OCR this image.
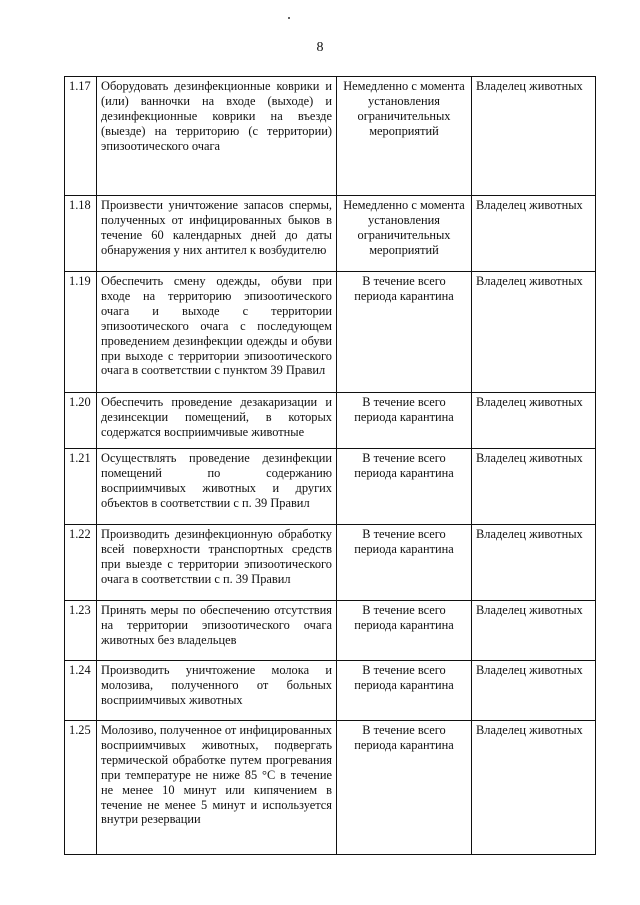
8
1.17	Оборудовать дезинфекционные коврики и (или) ванночки на входе (выходе) и дезинфекционные коврики на въезде (выезде) на территорию (с территории) эпизоотического очага	Немедленно с момента установления ограничительных мероприятий	Владелец животных
1.18	Произвести уничтожение запасов спермы, полученных от инфицированных быков в течение 60 календарных дней до даты обнаружения у них антител к возбудителю	Немедленно с момента установления ограничительных мероприятий	Владелец животных
1.19	Обеспечить смену одежды, обуви при входе на территорию эпизоотического очага и выходе с территории эпизоотического очага с последующем проведением дезинфекции одежды и обуви при выходе с территории эпизоотического очага в соответствии с пунктом 39 Правил	В течение всего периода карантина	Владелец животных
1.20	Обеспечить проведение дезакаризации и дезинсекции помещений, в которых содержатся восприимчивые животные	В течение всего периода карантина	Владелец животных
1.21	Осуществлять проведение дезинфекции помещений по содержанию восприимчивых животных и других объектов в соответствии с п. 39 Правил	В течение всего периода карантина	Владелец животных
1.22	Производить дезинфекционную обработку всей поверхности транспортных средств при выезде с территории эпизоотического очага в соответствии с п. 39 Правил	В течение всего периода карантина	Владелец животных
1.23	Принять меры по обеспечению отсутствия на территории эпизоотического очага животных без владельцев	В течение всего периода карантина	Владелец животных
1.24	Производить уничтожение молока и молозива, полученного от больных восприимчивых животных	В течение всего периода карантина	Владелец животных
1.25	Молозиво, полученное от инфицированных восприимчивых животных, подвергать термической обработке путем прогревания при температуре не ниже 85 °С в течение не менее 10 минут или кипячением в течение не менее 5 минут и используется внутри резервации	В течение всего периода карантина	Владелец животных
